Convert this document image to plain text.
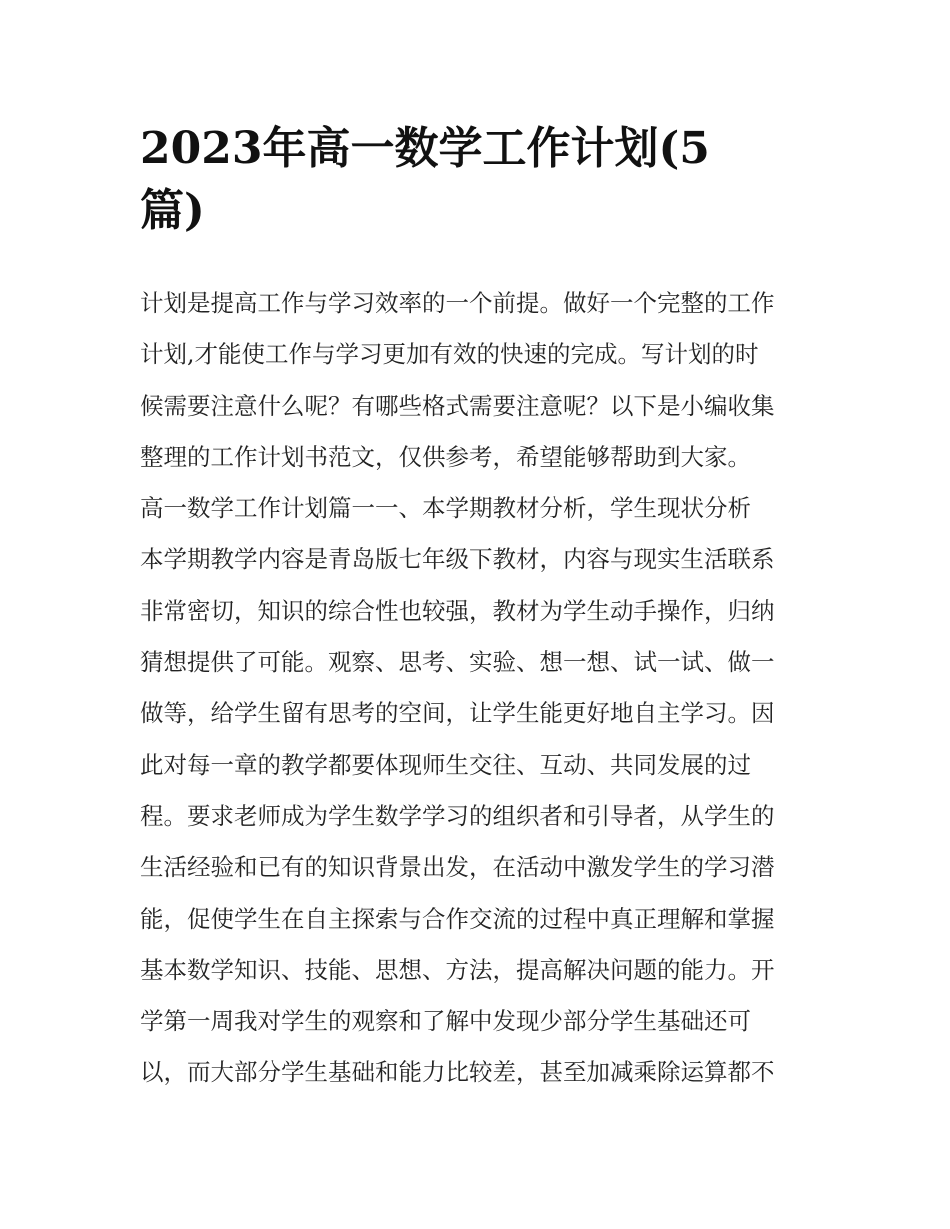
2023年高一数学工作计划(5
篇)
计划是提高工作与学习效率的一个前提。做好一个完整的工作
计划,才能使工作与学习更加有效的快速的完成。写计划的时
候需要注意什么呢？有哪些格式需要注意呢？以下是小编收集
整理的工作计划书范文，仅供参考，希望能够帮助到大家。
高一数学工作计划篇一一、本学期教材分析，学生现状分析
本学期教学内容是青岛版七年级下教材，内容与现实生活联系
非常密切，知识的综合性也较强，教材为学生动手操作，归纳
猜想提供了可能。观察、思考、实验、想一想、试一试、做一
做等，给学生留有思考的空间，让学生能更好地自主学习。因
此对每一章的教学都要体现师生交往、互动、共同发展的过
程。要求老师成为学生数学学习的组织者和引导者，从学生的
生活经验和已有的知识背景出发，在活动中激发学生的学习潜
能，促使学生在自主探索与合作交流的过程中真正理解和掌握
基本数学知识、技能、思想、方法，提高解决问题的能力。开
学第一周我对学生的观察和了解中发现少部分学生基础还可
以，而大部分学生基础和能力比较差，甚至加减乘除运算都不
